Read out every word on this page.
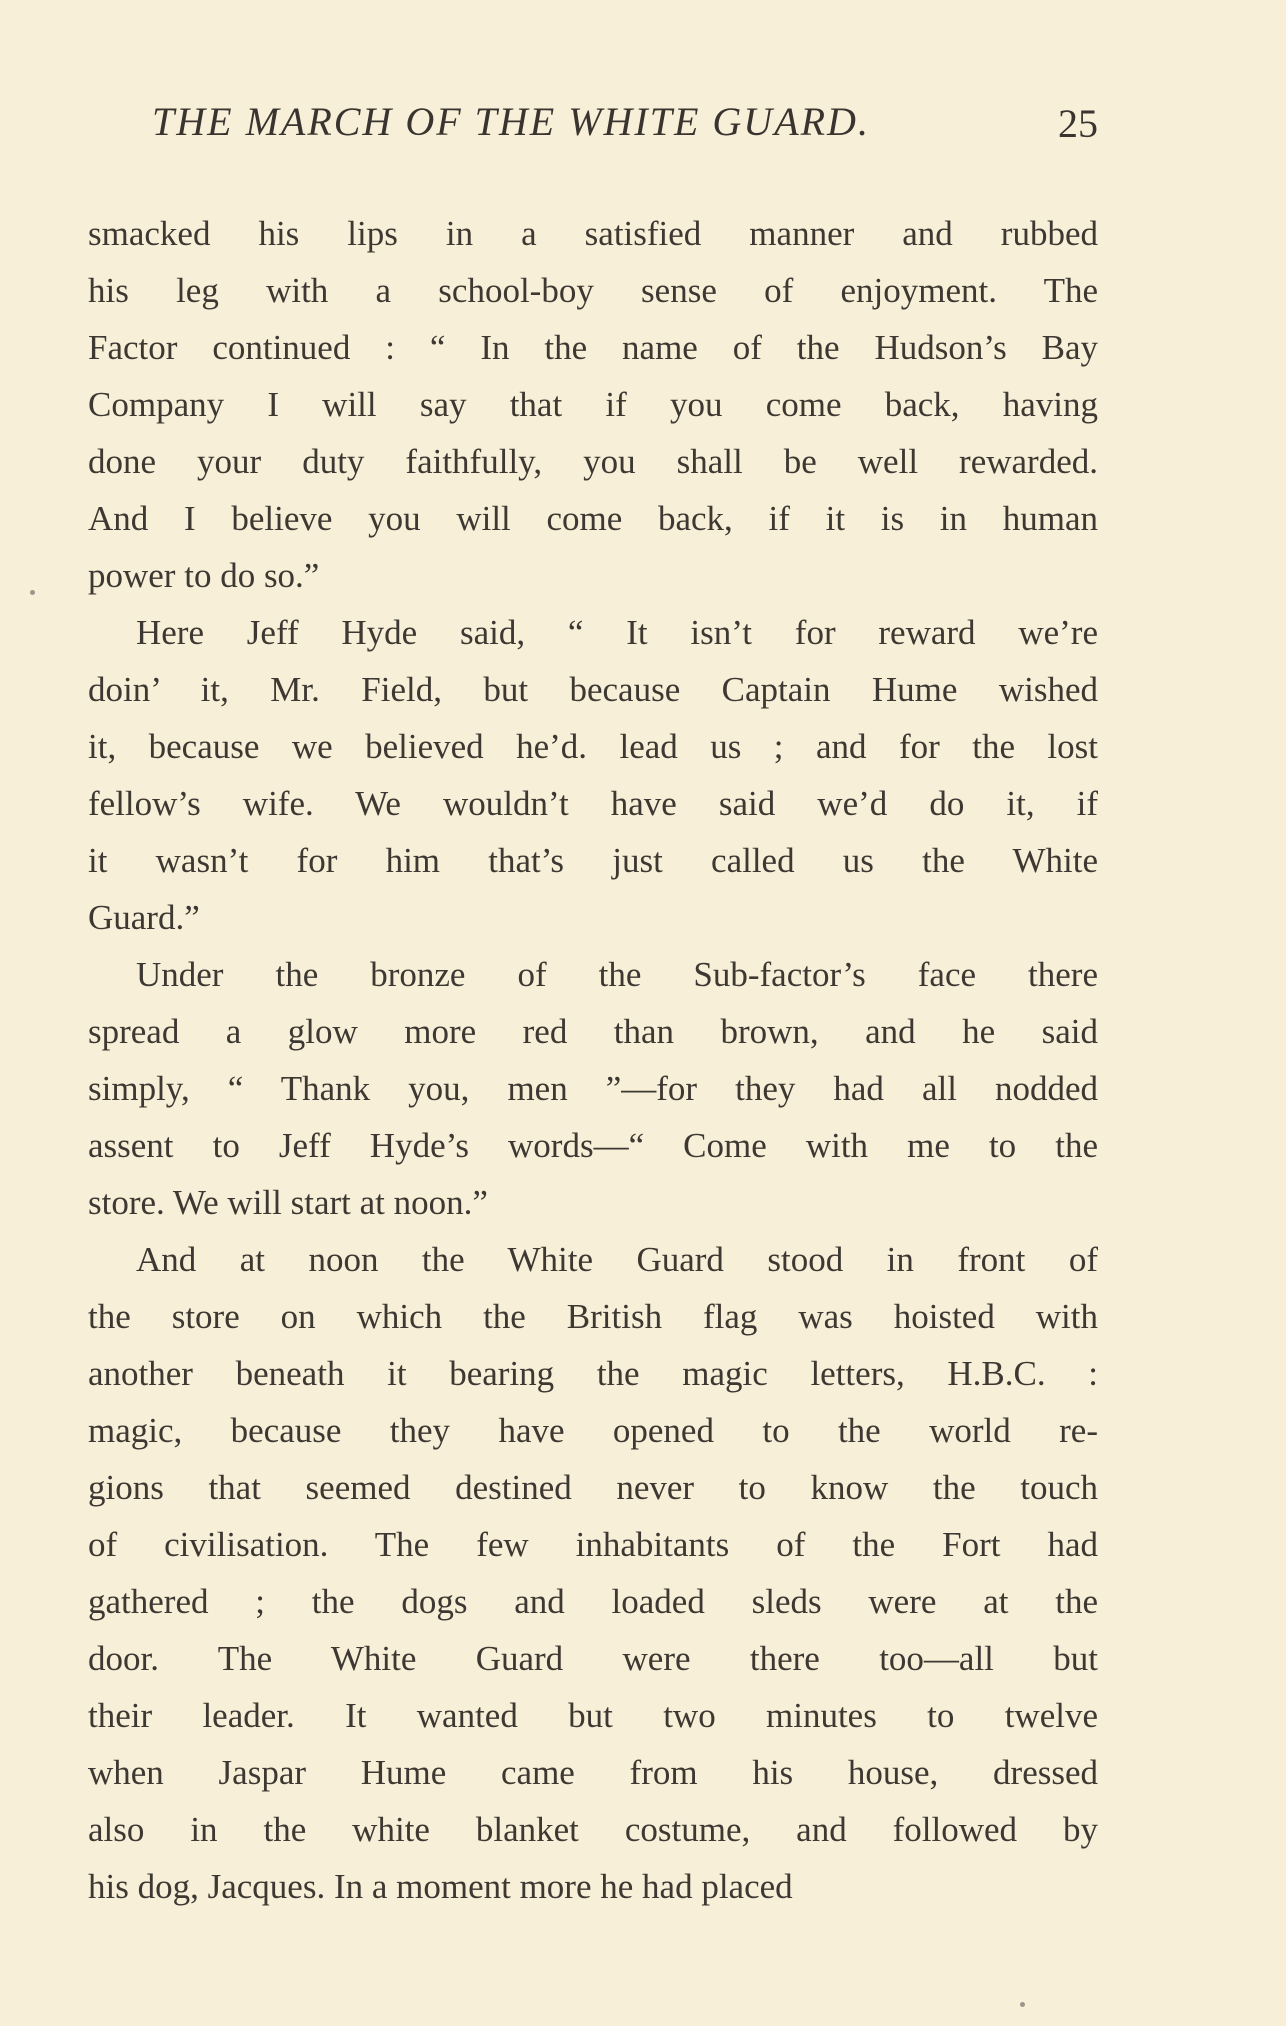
THE MARCH OF THE WHITE GUARD.	25
smacked his lips in a satisfied manner and rubbed
his leg with a school-boy sense of enjoyment. The
Factor continued : “ In the name of the Hudson’s Bay
Company I will say that if you come back, having
done your duty faithfully, you shall be well rewarded.
And I believe you will come back, if it is in human
power to do so.”
Here Jeff Hyde said, “ It isn’t for reward we’re
doin’ it, Mr. Field, but because Captain Hume wished
it, because we believed he’d. lead us ; and for the lost
fellow’s wife. We wouldn’t have said we’d do it, if
it wasn’t for him that’s just called us the White
Guard.”
Under the bronze of the Sub-factor’s face there
spread a glow more red than brown, and he said
simply, “ Thank you, men ”—for they had all nodded
assent to Jeff Hyde’s words—“ Come with me to the
store. We will start at noon.”
And at noon the White Guard stood in front of
the store on which the British flag was hoisted with
another beneath it bearing the magic letters, H.B.C. :
magic, because they have opened to the world re-
gions that seemed destined never to know the touch
of civilisation. The few inhabitants of the Fort had
gathered ; the dogs and loaded sleds were at the
door. The White Guard were there too—all but
their leader. It wanted but two minutes to twelve
when Jaspar Hume came from his house, dressed
also in the white blanket costume, and followed by
his dog, Jacques. In a moment more he had placed
